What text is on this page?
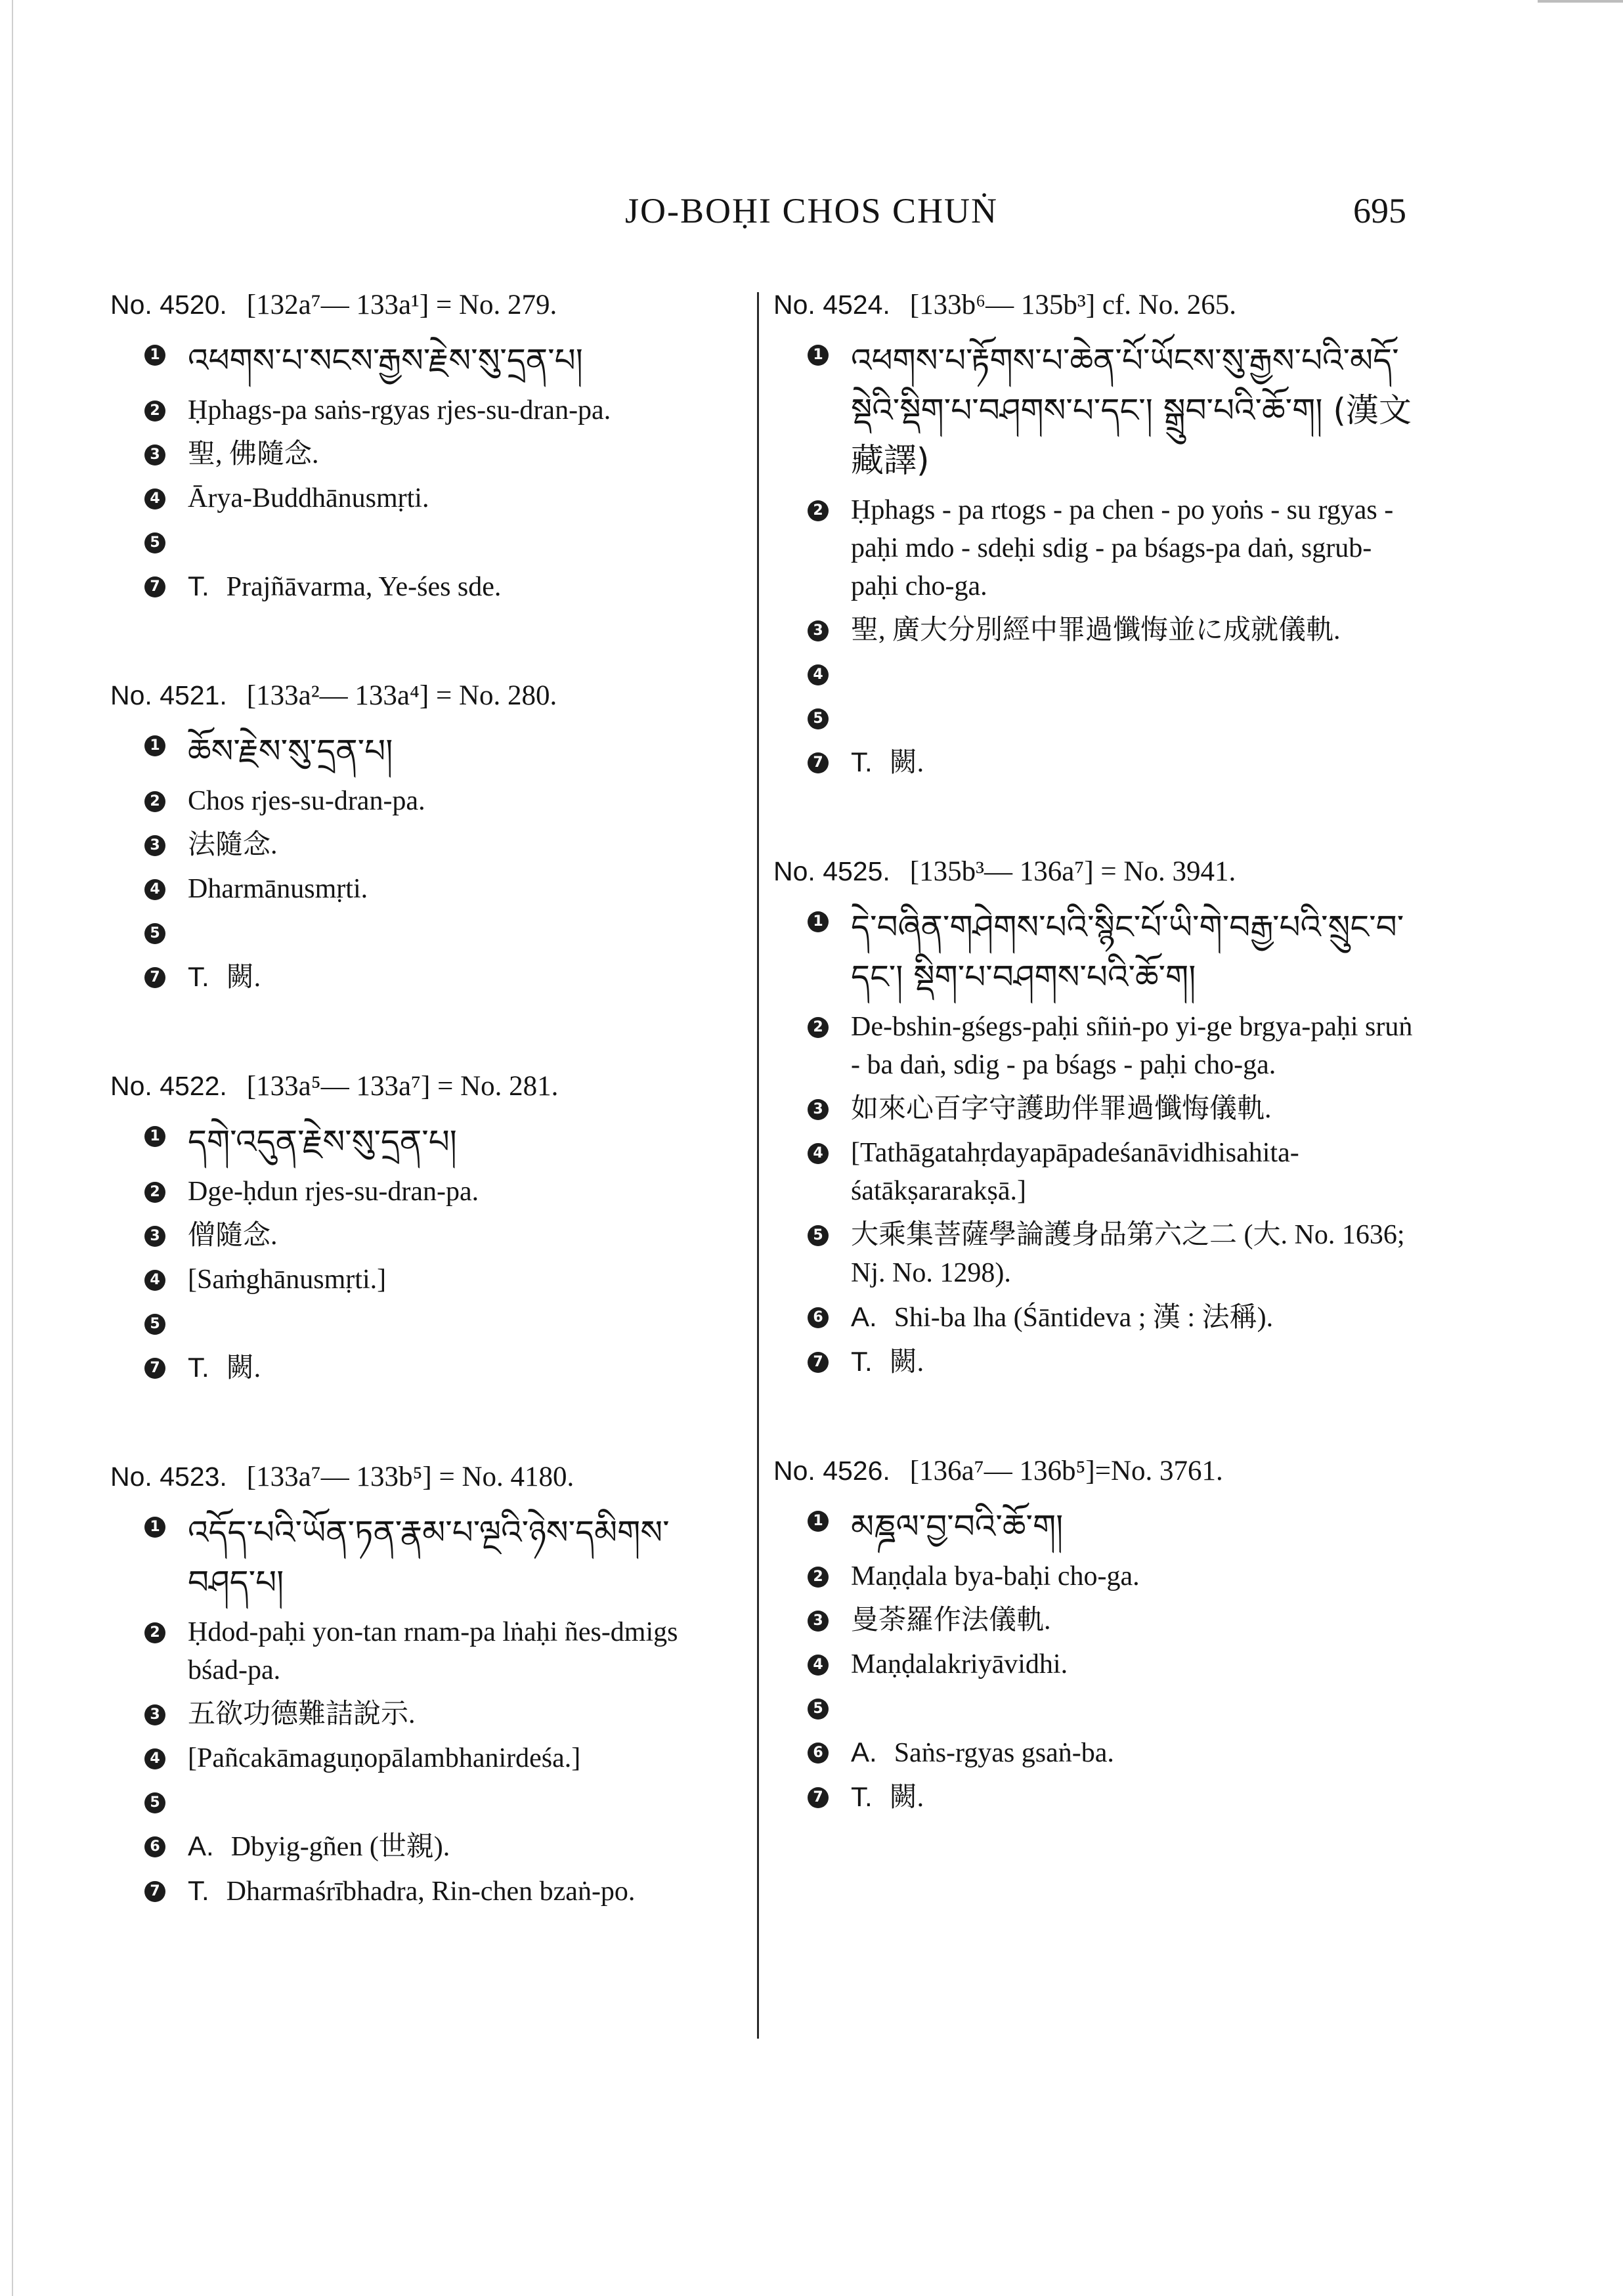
JO-BOḤI CHOS CHUṄ	695
No. 4520. [132a⁷— 133a¹] = No. 279.
1 འཕགས་པ་སངས་རྒྱས་རྗེས་སུ་དྲན་པ།
2 Ḥphags-pa saṅs-rgyas rjes-su-dran-pa.
3 聖, 佛隨念.
4 Ārya-Buddhānusmṛti.
5
7 T. Prajñāvarma, Ye-śes sde.
No. 4521. [133a²— 133a⁴] = No. 280.
1 ཆོས་རྗེས་སུ་དྲན་པ།
2 Chos rjes-su-dran-pa.
3 法隨念.
4 Dharmānusmṛti.
5
7 T. 闕.
No. 4522. [133a⁵— 133a⁷] = No. 281.
1 དགེ་འདུན་རྗེས་སུ་དྲན་པ།
2 Dge-ḥdun rjes-su-dran-pa.
3 僧隨念.
4 [Saṁghānusmṛti.]
5
7 T. 闕.
No. 4523. [133a⁷— 133b⁵] = No. 4180.
1 འདོད་པའི་ཡོན་ཏན་རྣམ་པ་ལྔའི་ཉེས་དམིགས་བཤད་པ།
2 Ḥdod-paḥi yon-tan rnam-pa lṅaḥi ñes-dmigs bśad-pa.
3 五欲功德難詰說示.
4 [Pañcakāmaguṇopālambhanirdeśa.]
5
6 A. Dbyig-gñen (世親).
7 T. Dharmaśrībhadra, Rin-chen bzaṅ-po.
No. 4524. [133b⁶— 135b³] cf. No. 265.
1 འཕགས་པ་རྟོགས་པ་ཆེན་པོ་ཡོངས་སུ་རྒྱས་པའི་མདོ་སྡེའི་སྡིག་པ་བཤགས་པ་དང་། སྒྲུབ་པའི་ཆོ་ག། (漢文藏譯)
2 Ḥphags - pa rtogs - pa chen - po yoṅs - su rgyas - paḥi mdo - sdeḥi sdig - pa bśags-pa daṅ, sgrub-paḥi cho-ga.
3 聖, 廣大分別經中罪過懺悔並に成就儀軌.
4
5
7 T. 闕.
No. 4525. [135b³— 136a⁷] = No. 3941.
1 དེ་བཞིན་གཤེགས་པའི་སྙིང་པོ་ཡི་གེ་བརྒྱ་པའི་སྲུང་བ་དང་། སྡིག་པ་བཤགས་པའི་ཆོ་ག།
2 De-bshin-gśegs-paḥi sñiṅ-po yi-ge brgya-paḥi sruṅ - ba daṅ, sdig - pa bśags - paḥi cho-ga.
3 如來心百字守護助伴罪過懺悔儀軌.
4 [Tathāgatahṛdayapāpadeśanāvidhisahita-śatākṣararakṣā.]
5 大乘集菩薩學論護身品第六之二 (大. No. 1636; Nj. No. 1298).
6 A. Shi-ba lha (Śāntideva ; 漢 : 法稱).
7 T. 闕.
No. 4526. [136a⁷— 136b⁵]=No. 3761.
1 མཎྜལ་བྱ་བའི་ཆོ་ག།
2 Maṇḍala bya-baḥi cho-ga.
3 曼荼羅作法儀軌.
4 Maṇḍalakriyāvidhi.
5
6 A. Saṅs-rgyas gsaṅ-ba.
7 T. 闕.
